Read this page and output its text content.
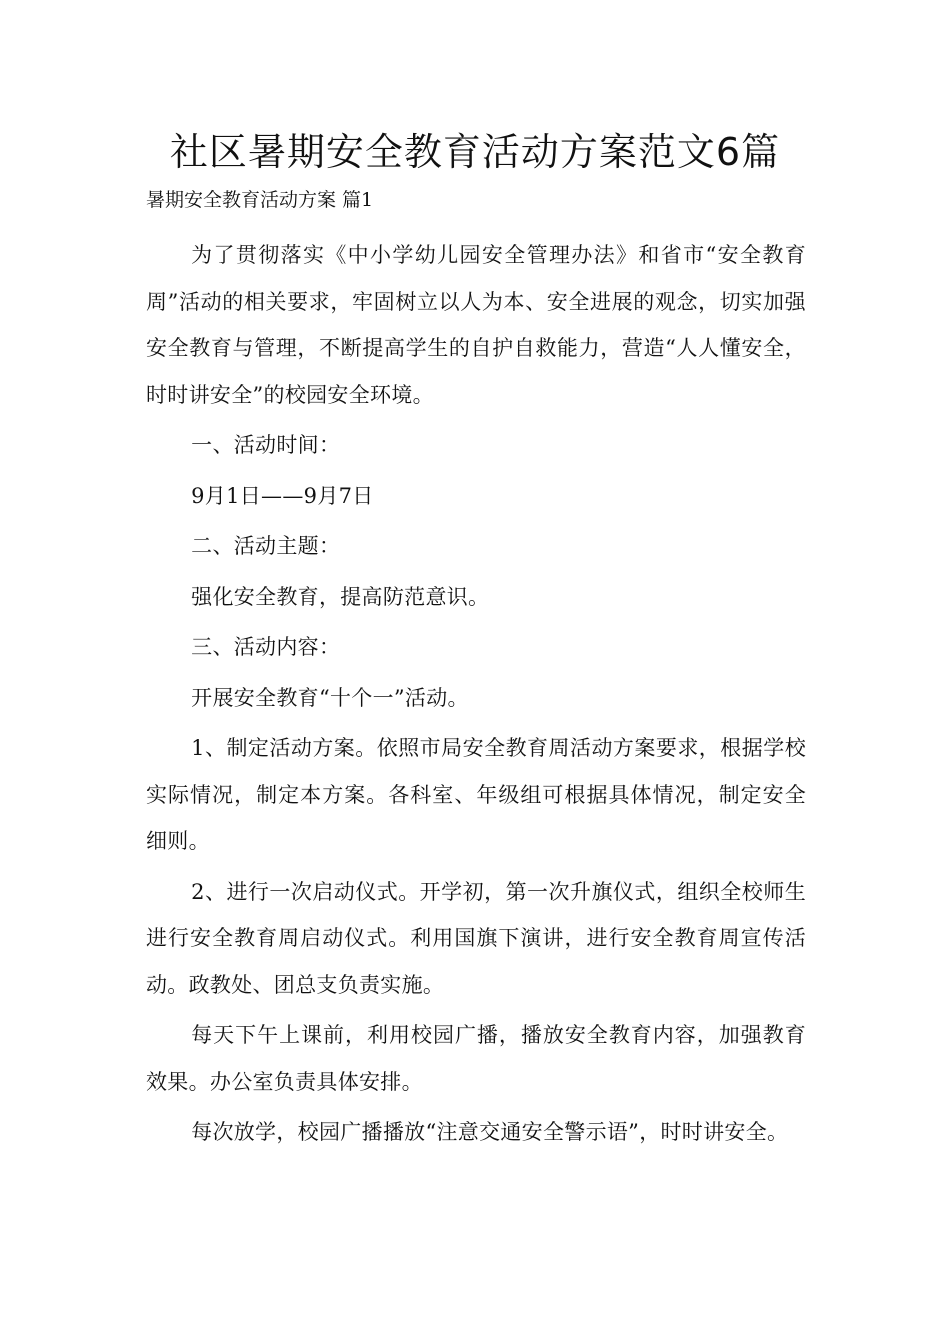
社区暑期安全教育活动方案范文6篇

暑期安全教育活动方案 篇1

为了贯彻落实《中小学幼儿园安全管理办法》和省市“安全教育周”活动的相关要求，牢固树立以人为本、安全进展的观念，切实加强安全教育与管理，不断提高学生的自护自救能力，营造“人人懂安全，时时讲安全”的校园安全环境。

一、活动时间：

9月1日——9月7日

二、活动主题：

强化安全教育，提高防范意识。

三、活动内容：

开展安全教育“十个一”活动。

1、制定活动方案。依照市局安全教育周活动方案要求，根据学校实际情况，制定本方案。各科室、年级组可根据具体情况，制定安全细则。

2、进行一次启动仪式。开学初，第一次升旗仪式，组织全校师生进行安全教育周启动仪式。利用国旗下演讲，进行安全教育周宣传活动。政教处、团总支负责实施。

每天下午上课前，利用校园广播，播放安全教育内容，加强教育效果。办公室负责具体安排。

每次放学，校园广播播放“注意交通安全警示语”，时时讲安全。
